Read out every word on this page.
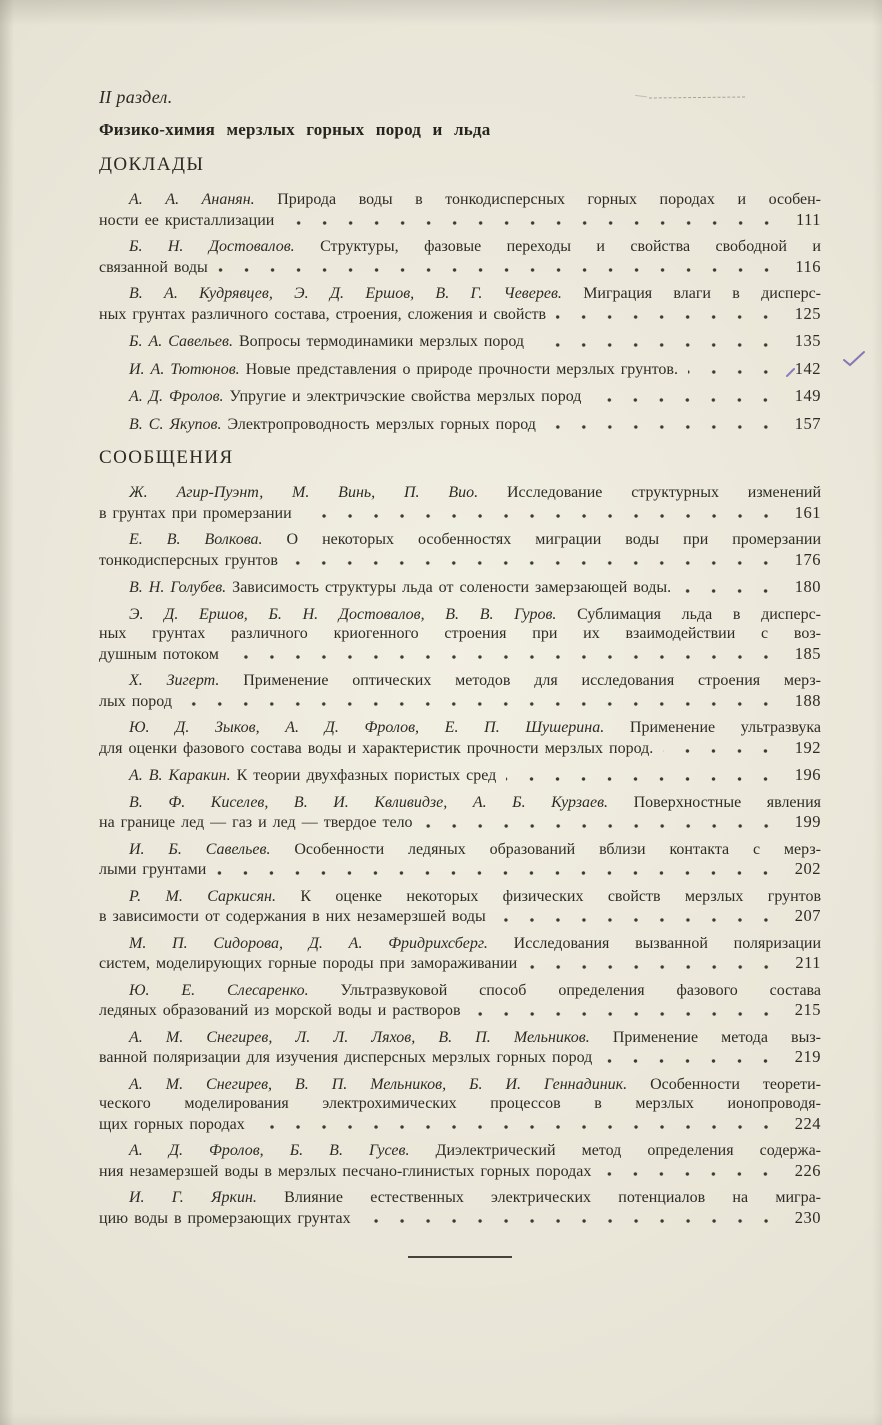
II раздел.
Физико-химия мерзлых горных пород и льда
ДОКЛАДЫ
А. А. Ананян. Природа воды в тонкодисперсных горных породах и особен-
ности ее кристаллизации	111
Б. Н. Достовалов. Структуры, фазовые переходы и свойства свободной и
связанной воды	116
В. А. Кудрявцев, Э. Д. Ершов, В. Г. Чеверев. Миграция влаги в дисперс-
ных грунтах различного состава, строения, сложения и свойств	125
Б. А. Савельев. Вопросы термодинамики мерзлых пород	135
И. А. Тютюнов. Новые представления о природе прочности мерзлых грунтов.	142
А. Д. Фролов. Упругие и электричэские свойства мерзлых пород	149
В. С. Якупов. Электропроводность мерзлых горных пород	157
СООБЩЕНИЯ
Ж. Агир-Пуэнт, М. Винь, П. Вио. Исследование структурных изменений
в грунтах при промерзании	161
Е. В. Волкова. О некоторых особенностях миграции воды при промерзании
тонкодисперсных грунтов	176
В. Н. Голубев. Зависимость структуры льда от солености замерзающей воды.	180
Э. Д. Ершов, Б. Н. Достовалов, В. В. Гуров. Сублимация льда в дисперс-
ных грунтах различного криогенного строения при их взаимодействии с воз-
душным потоком	185
Х. Зигерт. Применение оптических методов для исследования строения мерз-
лых пород	188
Ю. Д. Зыков, А. Д. Фролов, Е. П. Шушерина. Применение ультразвука
для оценки фазового состава воды и характеристик прочности мерзлых пород.	192
А. В. Каракин. К теории двухфазных пористых сред	196
В. Ф. Киселев, В. И. Квливидзе, А. Б. Курзаев. Поверхностные явления
на границе лед — газ и лед — твердое тело	199
И. Б. Савельев. Особенности ледяных образований вблизи контакта с мерз-
лыми грунтами	202
Р. М. Саркисян. К оценке некоторых физических свойств мерзлых грунтов
в зависимости от содержания в них незамерзшей воды	207
М. П. Сидорова, Д. А. Фридрихсберг. Исследования вызванной поляризации
систем, моделирующих горные породы при замораживании	211
Ю. Е. Слесаренко. Ультразвуковой способ определения фазового состава
ледяных образований из морской воды и растворов	215
А. М. Снегирев, Л. Л. Ляхов, В. П. Мельников. Применение метода выз-
ванной поляризации для изучения дисперсных мерзлых горных пород	219
А. М. Снегирев, В. П. Мельников, Б. И. Геннадиник. Особенности теорети-
ческого моделирования электрохимических процессов в мерзлых ионопроводя-
щих горных породах	224
А. Д. Фролов, Б. В. Гусев. Диэлектрический метод определения содержа-
ния незамерзшей воды в мерзлых песчано-глинистых горных породах	226
И. Г. Яркин. Влияние естественных электрических потенциалов на мигра-
цию воды в промерзающих грунтах	230
